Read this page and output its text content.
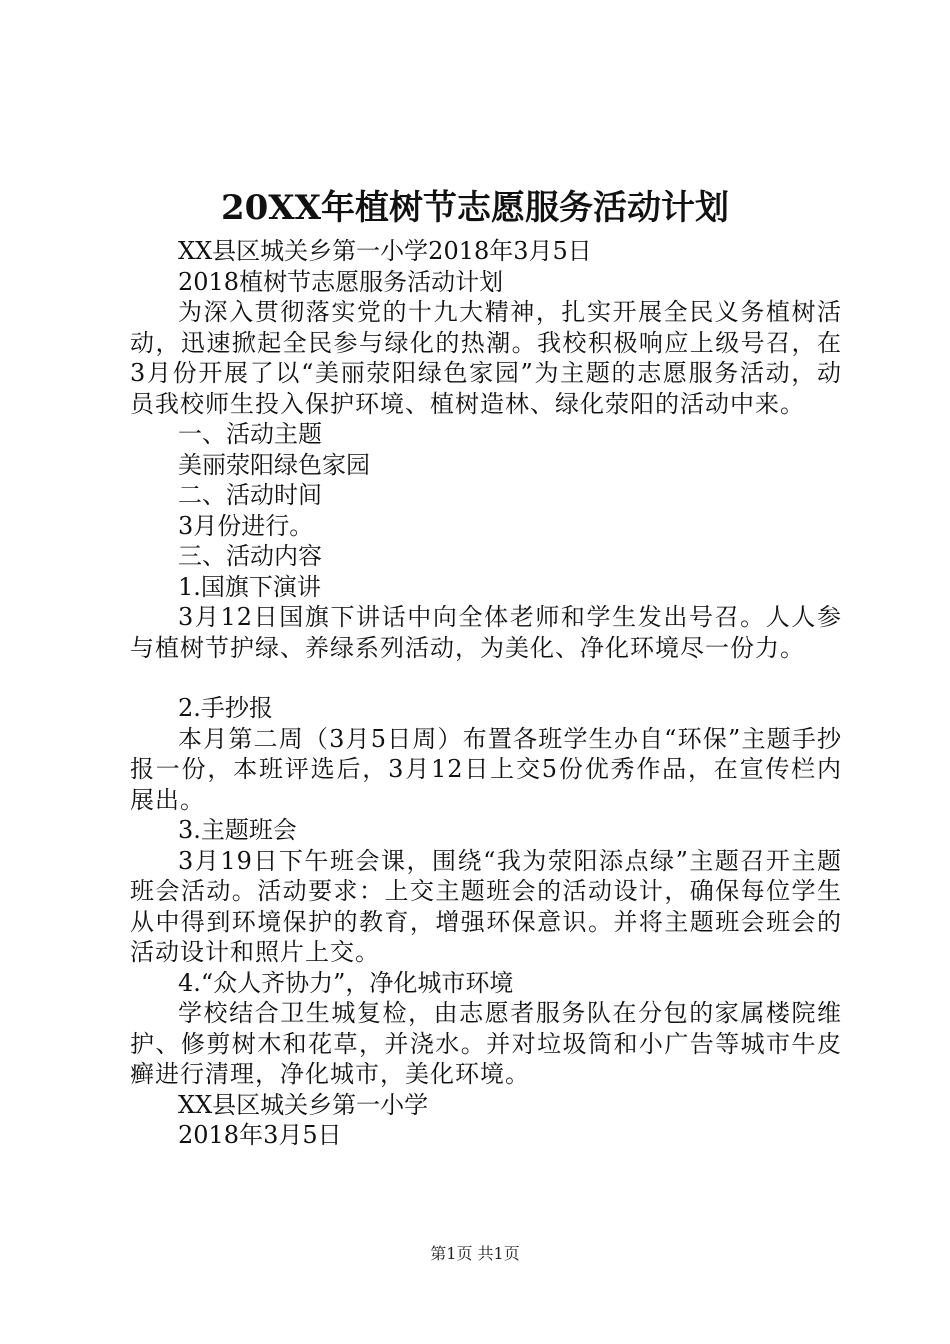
20XX年植树节志愿服务活动计划

XX县区城关乡第一小学2018年3月5日

2018植树节志愿服务活动计划

为深入贯彻落实党的十九大精神，扎实开展全民义务植树活动，迅速掀起全民参与绿化的热潮。我校积极响应上级号召，在3月份开展了以“美丽荥阳绿色家园”为主题的志愿服务活动，动员我校师生投入保护环境、植树造林、绿化荥阳的活动中来。

一、活动主题

美丽荥阳绿色家园

二、活动时间

3月份进行。

三、活动内容

1.国旗下演讲

3月12日国旗下讲话中向全体老师和学生发出号召。人人参与植树节护绿、养绿系列活动，为美化、净化环境尽一份力。

2.手抄报

本月第二周（3月5日周）布置各班学生办自“环保”主题手抄报一份，本班评选后，3月12日上交5份优秀作品，在宣传栏内展出。

3.主题班会

3月19日下午班会课，围绕“我为荥阳添点绿”主题召开主题班会活动。活动要求：上交主题班会的活动设计，确保每位学生从中得到环境保护的教育，增强环保意识。并将主题班会班会的活动设计和照片上交。

4.“众人齐协力”，净化城市环境

学校结合卫生城复检，由志愿者服务队在分包的家属楼院维护、修剪树木和花草，并浇水。并对垃圾筒和小广告等城市牛皮癣进行清理，净化城市，美化环境。

XX县区城关乡第一小学

2018年3月5日

第1页 共1页
